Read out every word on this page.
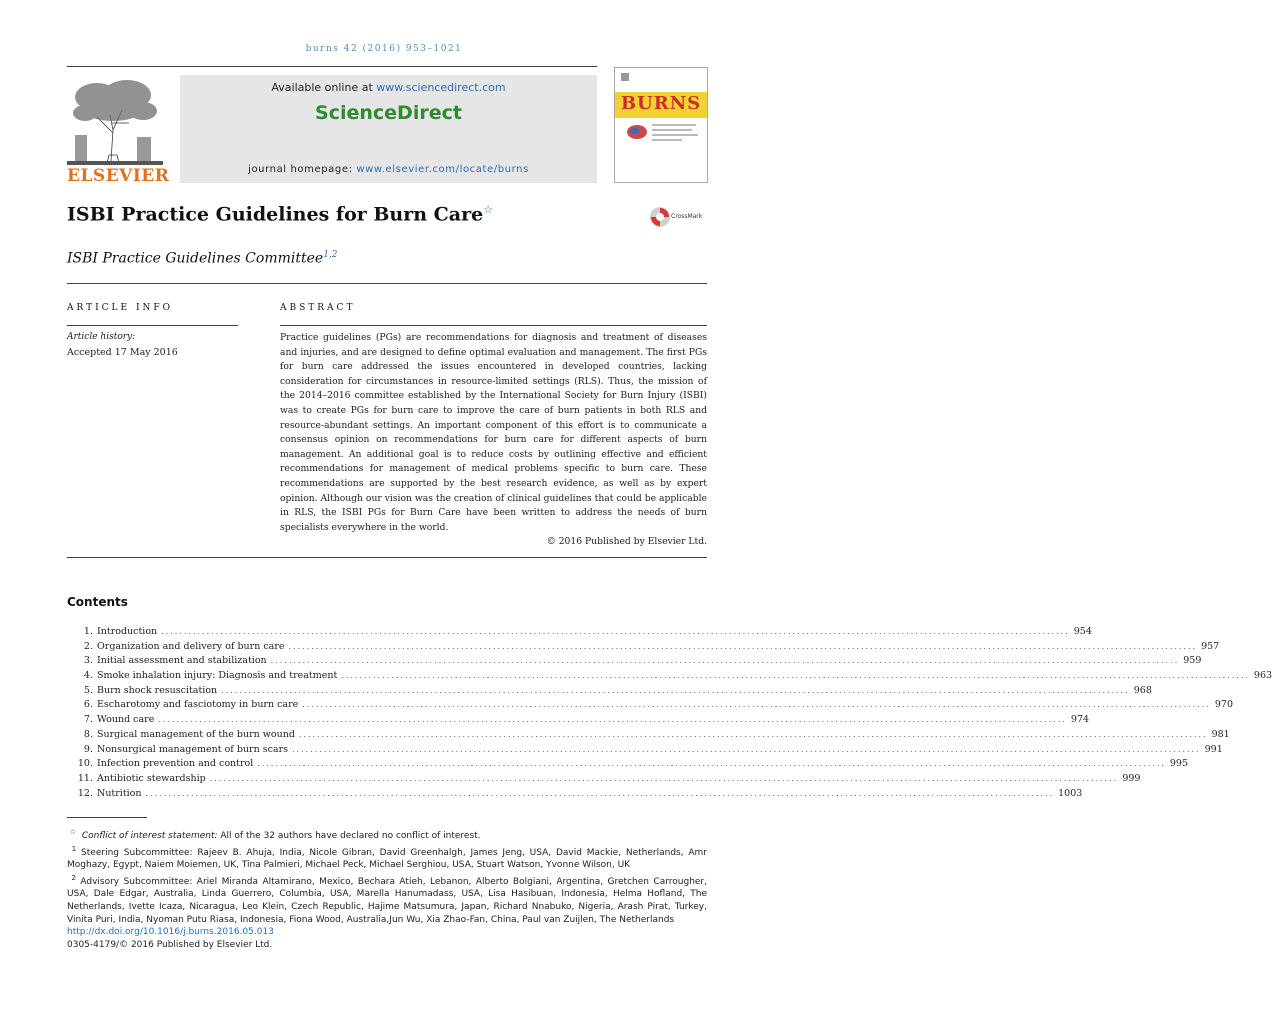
burns 42 (2016) 953–1021
ELSEVIER
Available online at www.sciencedirect.com
ScienceDirect
journal homepage: www.elsevier.com/locate/burns
BURNS
ISBI Practice Guidelines for Burn Care☆
CrossMark
ISBI Practice Guidelines Committee$^{1,2}$
ARTICLE INFO	ABSTRACT
Article history:
Accepted 17 May 2016
Practice guidelines (PGs) are recommendations for diagnosis and treatment of diseases and injuries, and are designed to define optimal evaluation and management. The first PGs for burn care addressed the issues encountered in developed countries, lacking consideration for circumstances in resource-limited settings (RLS). Thus, the mission of the 2014–2016 committee established by the International Society for Burn Injury (ISBI) was to create PGs for burn care to improve the care of burn patients in both RLS and resource-abundant settings. An important component of this effort is to communicate a consensus opinion on recommendations for burn care for different aspects of burn management. An additional goal is to reduce costs by outlining effective and efficient recommendations for management of medical problems specific to burn care. These recommendations are supported by the best research evidence, as well as by expert opinion. Although our vision was the creation of clinical guidelines that could be applicable in RLS, the ISBI PGs for Burn Care have been written to address the needs of burn specialists everywhere in the world.
© 2016 Published by Elsevier Ltd.
Contents
1. Introduction ........................................................................................................................................................................................................ 954
2. Organization and delivery of burn care ........................................................................................................................................................................................................ 957
3. Initial assessment and stabilization ........................................................................................................................................................................................................ 959
4. Smoke inhalation injury: Diagnosis and treatment ........................................................................................................................................................................................................ 963
5. Burn shock resuscitation ........................................................................................................................................................................................................ 968
6. Escharotomy and fasciotomy in burn care ........................................................................................................................................................................................................ 970
7. Wound care ........................................................................................................................................................................................................ 974
8. Surgical management of the burn wound ........................................................................................................................................................................................................ 981
9. Nonsurgical management of burn scars ........................................................................................................................................................................................................ 991
10. Infection prevention and control ........................................................................................................................................................................................................ 995
11. Antibiotic stewardship ........................................................................................................................................................................................................ 999
12. Nutrition ........................................................................................................................................................................................................ 1003
☆ Conflict of interest statement: All of the 32 authors have declared no conflict of interest.
$^1$ Steering Subcommittee: Rajeev B. Ahuja, India, Nicole Gibran, David Greenhalgh, James Jeng, USA, David Mackie, Netherlands, Amr Moghazy, Egypt, Naiem Moiemen, UK, Tina Palmieri, Michael Peck, Michael Serghiou, USA, Stuart Watson, Yvonne Wilson, UK
$^2$ Advisory Subcommittee: Ariel Miranda Altamirano, Mexico, Bechara Atieh, Lebanon, Alberto Bolgiani, Argentina, Gretchen Carrougher, USA, Dale Edgar, Australia, Linda Guerrero, Columbia, USA, Marella Hanumadass, USA, Lisa Hasibuan, Indonesia, Helma Hofland, The Netherlands, Ivette Icaza, Nicaragua, Leo Klein, Czech Republic, Hajime Matsumura, Japan, Richard Nnabuko, Nigeria, Arash Pirat, Turkey, Vinita Puri, India, Nyoman Putu Riasa, Indonesia, Fiona Wood, Australia,Jun Wu, Xia Zhao-Fan, China, Paul van Zuijlen, The Netherlands
http://dx.doi.org/10.1016/j.burns.2016.05.013
0305-4179/© 2016 Published by Elsevier Ltd.
